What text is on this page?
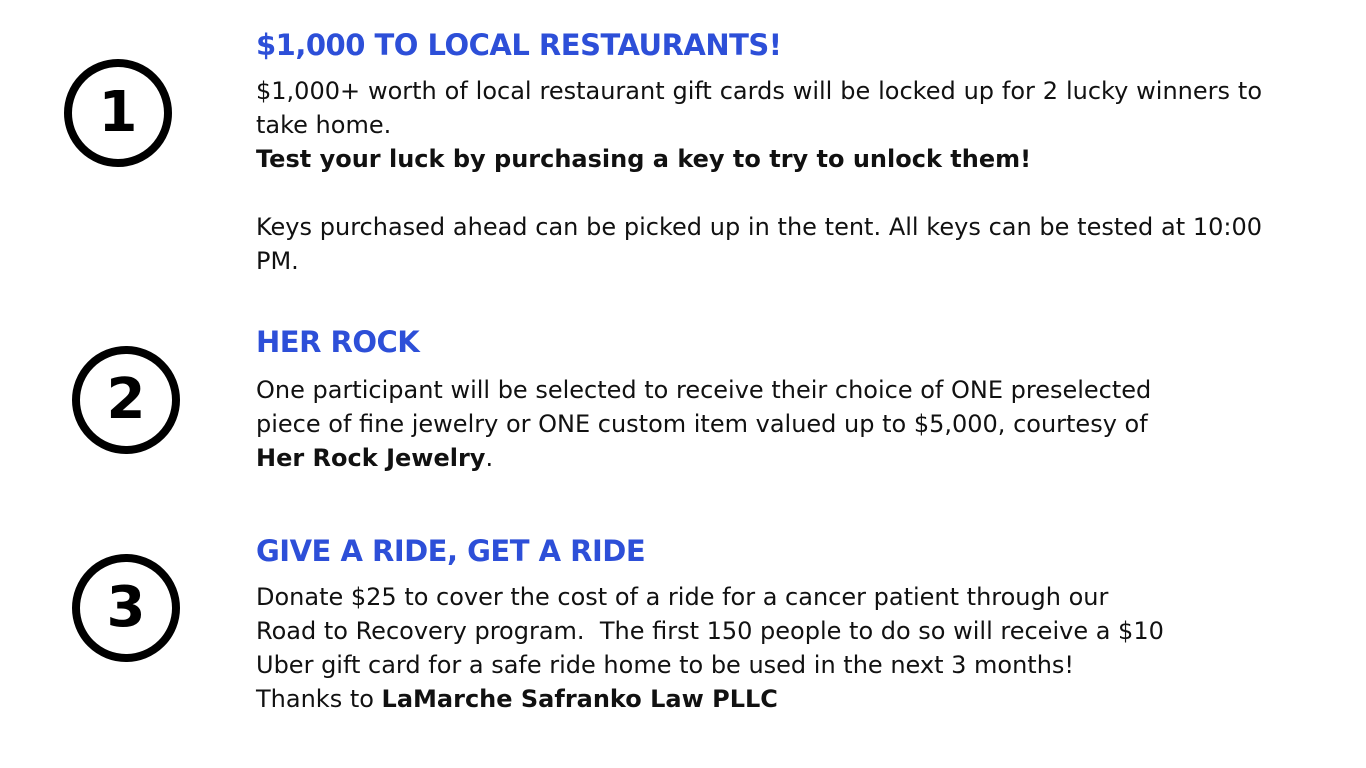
1
$1,000 TO LOCAL RESTAURANTS!

$1,000+ worth of local restaurant gift cards will be locked up for 2 lucky winners to take home.

Test your luck by purchasing a key to try to unlock them!

Keys purchased ahead can be picked up in the tent. All keys can be tested at 10:00 PM.

2
HER ROCK

One participant will be selected to receive their choice of ONE preselected piece of fine jewelry or ONE custom item valued up to $5,000, courtesy of Her Rock Jewelry.

3
GIVE A RIDE, GET A RIDE

Donate $25 to cover the cost of a ride for a cancer patient through our

Road to Recovery program.  The first 150 people to do so will receive a $10

Uber gift card for a safe ride home to be used in the next 3 months!

Thanks to LaMarche Safranko Law PLLC
